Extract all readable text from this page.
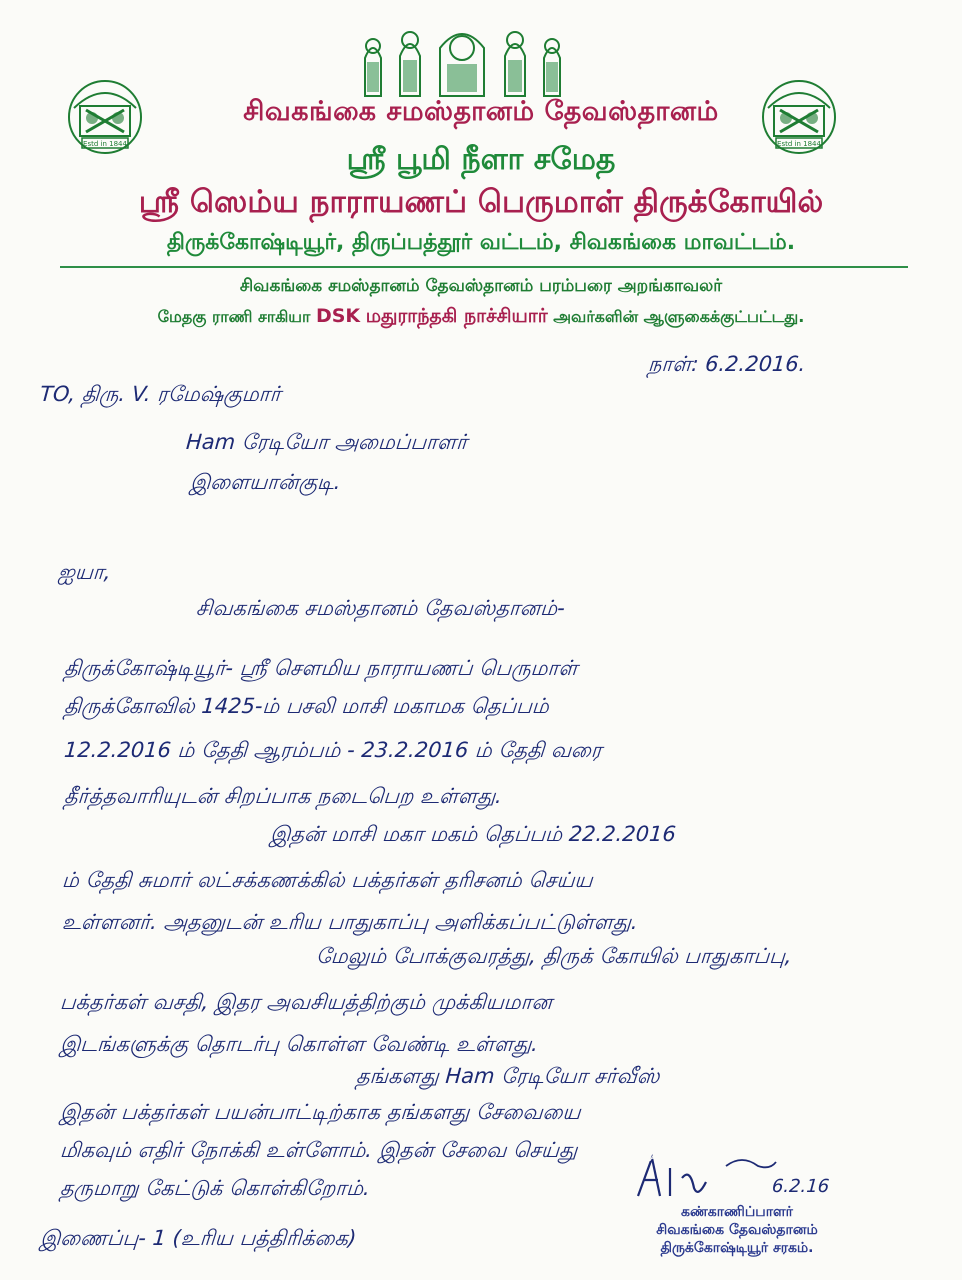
Estd in 1844	Estd in 1844
சிவகங்கை சமஸ்தானம் தேவஸ்தானம்
ஸ்ரீ பூமி நீளா சமேத
ஸ்ரீ ஸெம்ய நாராயணப் பெருமாள் திருக்கோயில்
திருக்கோஷ்டியூர், திருப்பத்தூர் வட்டம், சிவகங்கை மாவட்டம்.
சிவகங்கை சமஸ்தானம் தேவஸ்தானம் பரம்பரை அறங்காவலர்
மேதகு ராணி சாகியா DSK மதுராந்தகி நாச்சியார் அவர்களின் ஆளுகைக்குட்பட்டது.
நாள்: 6.2.2016.
TO, திரு. V. ரமேஷ்குமார்
Ham ரேடியோ அமைப்பாளர்
இளையான்குடி.
ஐயா,
சிவகங்கை சமஸ்தானம் தேவஸ்தானம்-
திருக்கோஷ்டியூர்- ஸ்ரீ சௌமிய நாராயணப் பெருமாள்
திருக்கோவில் 1425-ம் பசலி மாசி மகாமக தெப்பம்
12.2.2016 ம் தேதி ஆரம்பம் - 23.2.2016 ம் தேதி வரை
தீர்த்தவாரியுடன் சிறப்பாக நடைபெற உள்ளது.
இதன் மாசி மகா மகம் தெப்பம் 22.2.2016
ம் தேதி சுமார் லட்சக்கணக்கில் பக்தர்கள் தரிசனம் செய்ய
உள்ளனர். அதனுடன் உரிய பாதுகாப்பு அளிக்கப்பட்டுள்ளது.
மேலும் போக்குவரத்து, திருக் கோயில் பாதுகாப்பு,
பக்தர்கள் வசதி, இதர அவசியத்திற்கும் முக்கியமான
இடங்களுக்கு தொடர்பு கொள்ள வேண்டி உள்ளது.
தங்களது Ham ரேடியோ சர்வீஸ்
இதன் பக்தர்கள் பயன்பாட்டிற்காக தங்களது சேவையை
மிகவும் எதிர் நோக்கி உள்ளோம். இதன் சேவை செய்து
தருமாறு கேட்டுக் கொள்கிறோம்.
A.N.
6.2.16
கண்காணிப்பாளர்
சிவகங்கை தேவஸ்தானம்
திருக்கோஷ்டியூர் சரகம்.
இணைப்பு- 1 (உரிய பத்திரிக்கை)
